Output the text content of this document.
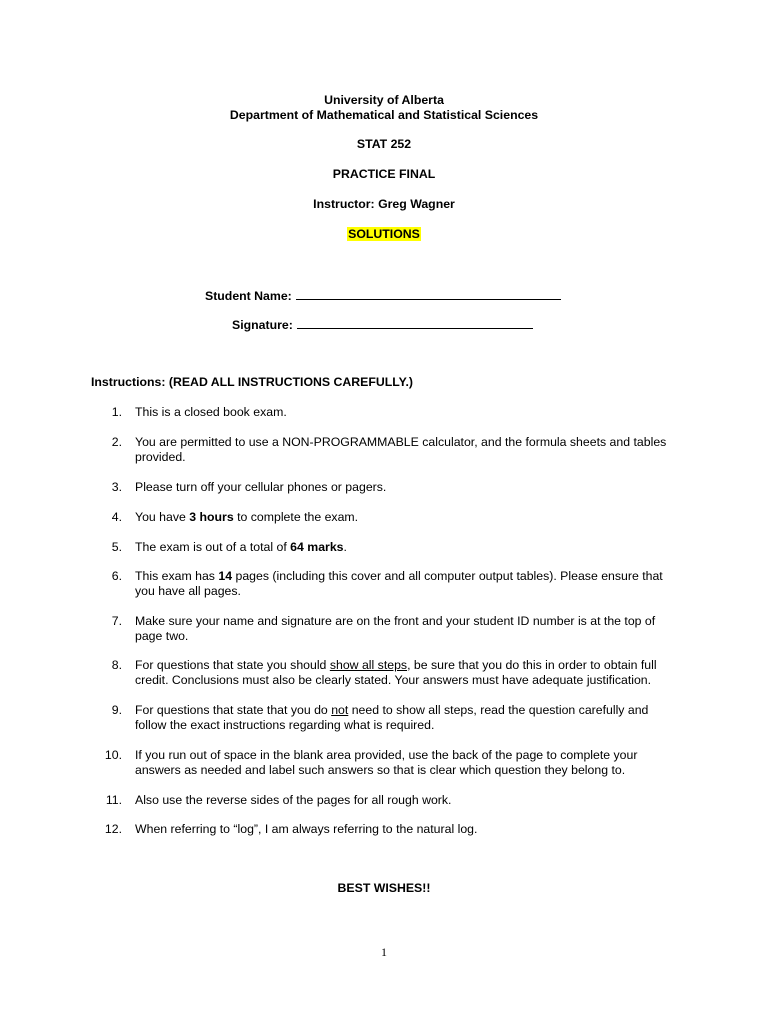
University of Alberta
Department of Mathematical and Statistical Sciences
STAT 252
PRACTICE FINAL
Instructor: Greg Wagner
SOLUTIONS
Student Name:
Signature:
Instructions: (READ ALL INSTRUCTIONS CAREFULLY.)
1. This is a closed book exam.
2. You are permitted to use a NON-PROGRAMMABLE calculator, and the formula sheets and tables provided.
3. Please turn off your cellular phones or pagers.
4. You have 3 hours to complete the exam.
5. The exam is out of a total of 64 marks.
6. This exam has 14 pages (including this cover and all computer output tables). Please ensure that you have all pages.
7. Make sure your name and signature are on the front and your student ID number is at the top of page two.
8. For questions that state you should show all steps, be sure that you do this in order to obtain full credit. Conclusions must also be clearly stated. Your answers must have adequate justification.
9. For questions that state that you do not need to show all steps, read the question carefully and follow the exact instructions regarding what is required.
10. If you run out of space in the blank area provided, use the back of the page to complete your answers as needed and label such answers so that is clear which question they belong to.
11. Also use the reverse sides of the pages for all rough work.
12. When referring to “log”, I am always referring to the natural log.
BEST WISHES!!
1
